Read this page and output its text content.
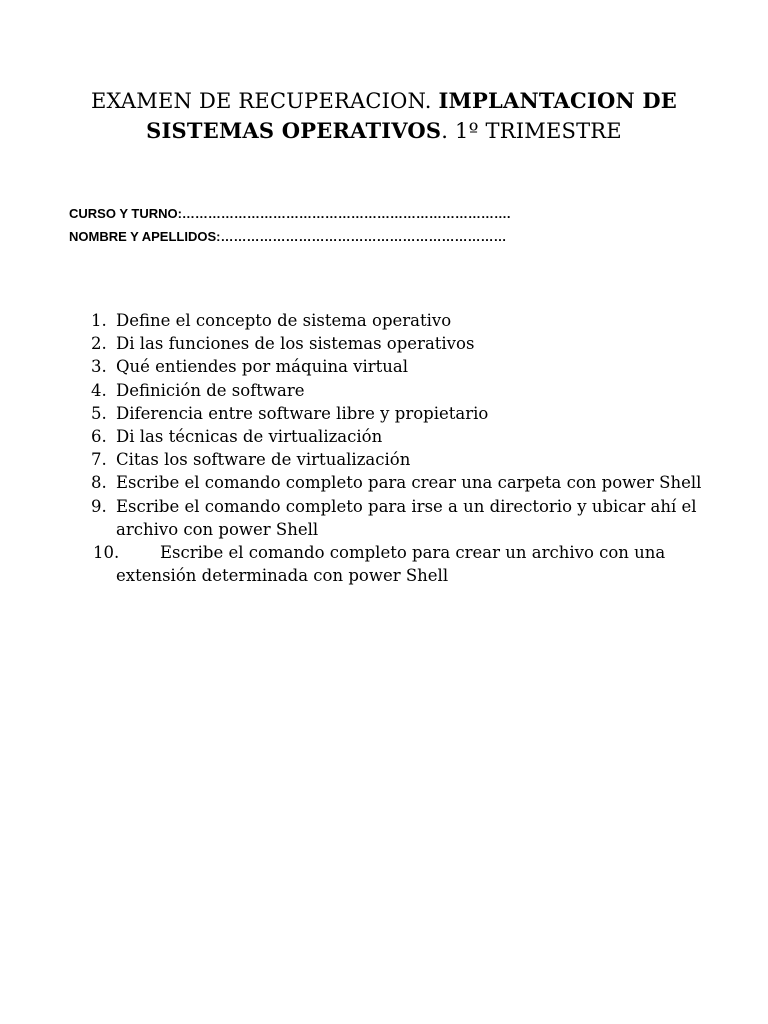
EXAMEN DE RECUPERACION. IMPLANTACION DE SISTEMAS OPERATIVOS. 1º TRIMESTRE
CURSO Y TURNO:………………………………………………………………….
NOMBRE Y APELLIDOS:…………………………………………………………
1. Define el concepto de sistema operativo
2. Di las funciones de los sistemas operativos
3. Qué entiendes por máquina virtual
4. Definición de software
5. Diferencia entre software libre y propietario
6. Di las técnicas de virtualización
7. Citas los software de virtualización
8. Escribe el comando completo para crear una carpeta con power Shell
9. Escribe el comando completo para irse a un directorio y ubicar ahí el archivo con power Shell
10. Escribe el comando completo para crear un archivo con una extensión determinada con power Shell
